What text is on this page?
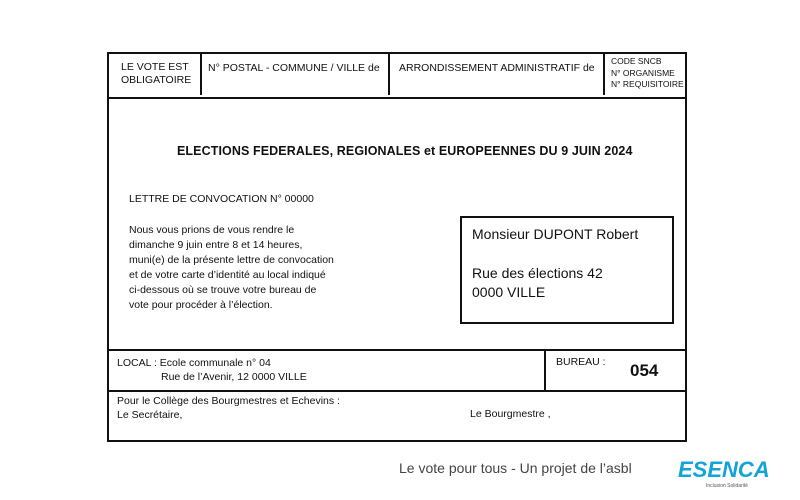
LE VOTE EST
OBLIGATOIRE
N° POSTAL - COMMUNE / VILLE de	ARRONDISSEMENT ADMINISTRATIF de
CODE SNCB
N° ORGANISME
N° REQUISITOIRE
ELECTIONS FEDERALES, REGIONALES et EUROPEENNES DU 9 JUIN 2024
LETTRE DE CONVOCATION N° 00000
Nous vous prions de vous rendre le
dimanche 9 juin entre 8 et 14 heures,
muni(e) de la présente lettre de convocation
et de votre carte d’identité au local indiqué
ci-dessous où se trouve votre bureau de
vote pour procéder à l’élection.
Monsieur DUPONT Robert
Rue des élections 42
0000 VILLE
LOCAL : Ecole communale n° 04
Rue de l’Avenir, 12 0000 VILLE
BUREAU : 054
Pour le Collège des Bourgmestres et Echevins :
Le Secrétaire,	Le Bourgmestre ,
Le vote pour tous - Un projet de l’asbl ESENCA
Inclusion Solidarité
